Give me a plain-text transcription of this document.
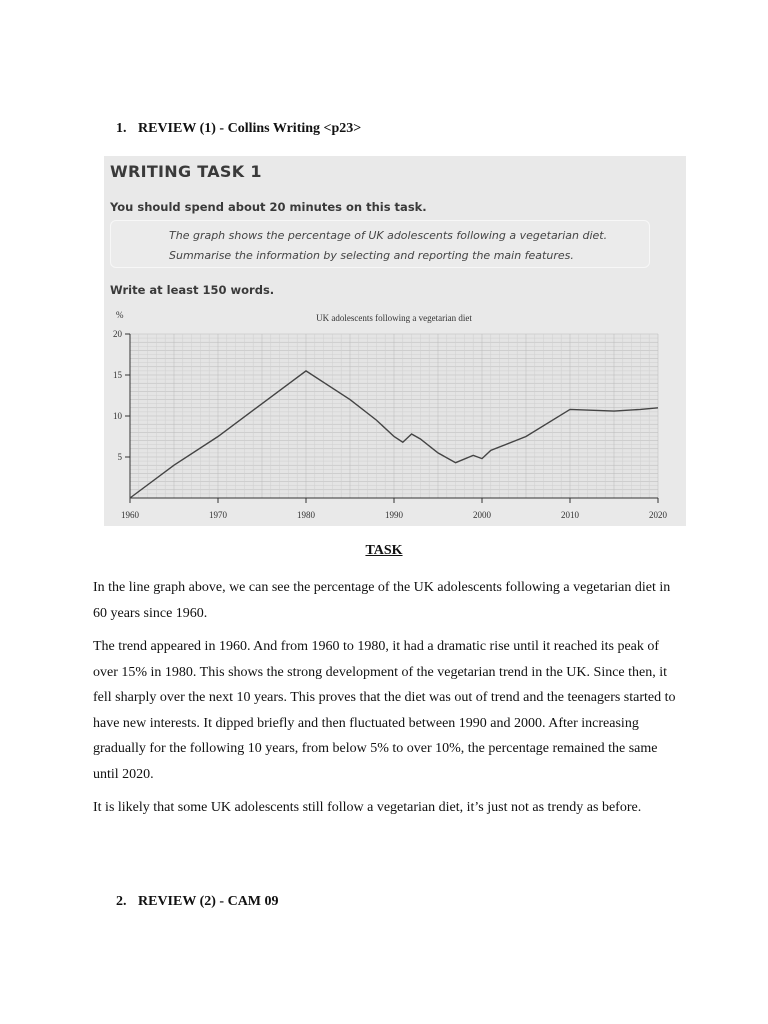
1. REVIEW (1) - Collins Writing <p23>
WRITING TASK 1
You should spend about 20 minutes on this task.

The graph shows the percentage of UK adolescents following a vegetarian diet.

Summarise the information by selecting and reporting the main features.

Write at least 150 words.
UK adolescents following a vegetarian diet
%
5
10
15
20
1960	1970	1980	1990	2000	2010	2020
TASK

In the line graph above, we can see the percentage of the UK adolescents following a vegetarian diet in 60 years since 1960.

The trend appeared in 1960. And from 1960 to 1980, it had a dramatic rise until it reached its peak of over 15% in 1980. This shows the strong development of the vegetarian trend in the UK. Since then, it fell sharply over the next 10 years. This proves that the diet was out of trend and the teenagers started to have new interests. It dipped briefly and then fluctuated between 1990 and 2000. After increasing gradually for the following 10 years, from below 5% to over 10%, the percentage remained the same until 2020.

It is likely that some UK adolescents still follow a vegetarian diet, it’s just not as trendy as before.

2. REVIEW (2) - CAM 09
